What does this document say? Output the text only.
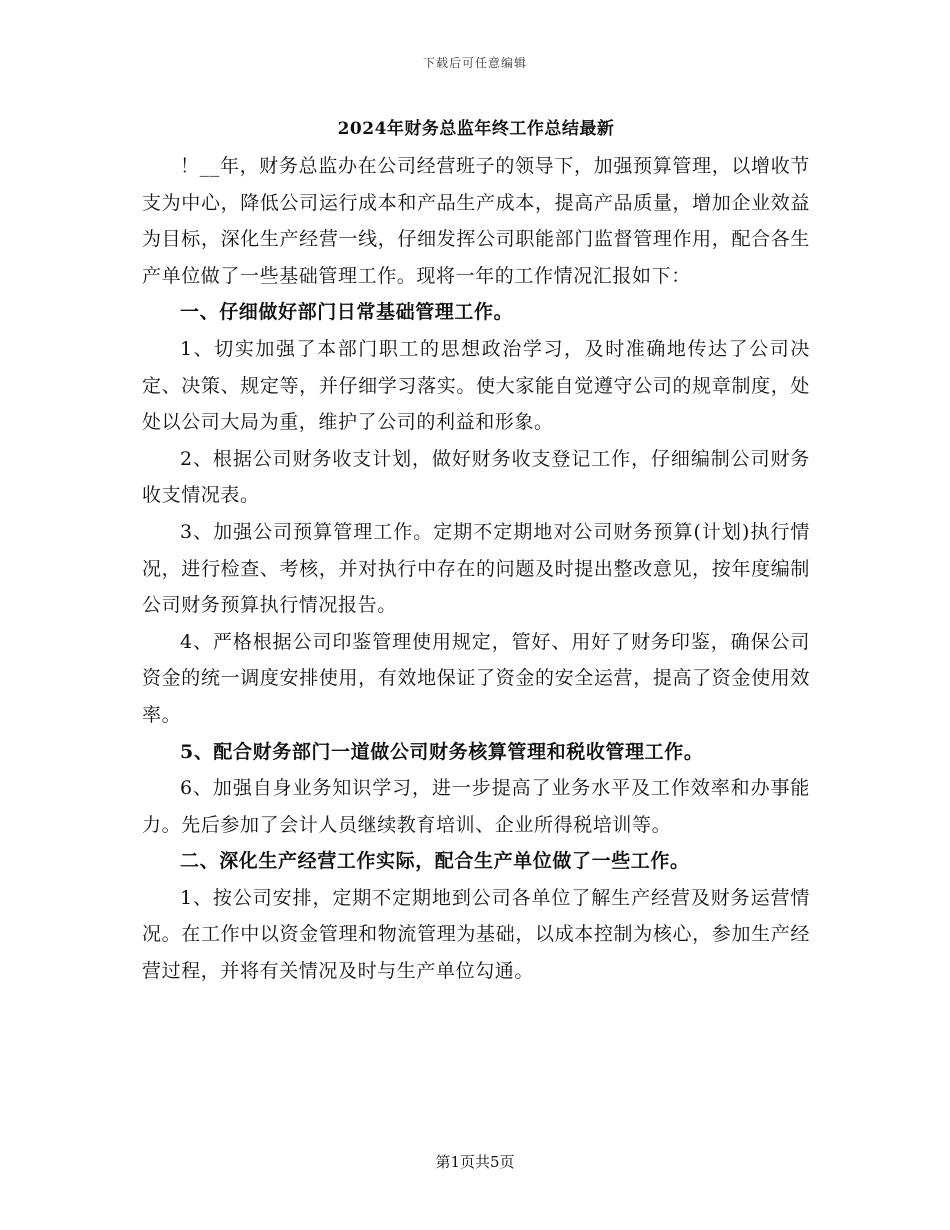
下载后可任意编辑
2024年财务总监年终工作总结最新

！__年，财务总监办在公司经营班子的领导下，加强预算管理，以增收节支为中心，降低公司运行成本和产品生产成本，提高产品质量，增加企业效益为目标，深化生产经营一线，仔细发挥公司职能部门监督管理作用，配合各生产单位做了一些基础管理工作。现将一年的工作情况汇报如下：

一、仔细做好部门日常基础管理工作。

1、切实加强了本部门职工的思想政治学习，及时准确地传达了公司决定、决策、规定等，并仔细学习落实。使大家能自觉遵守公司的规章制度，处处以公司大局为重，维护了公司的利益和形象。

2、根据公司财务收支计划，做好财务收支登记工作，仔细编制公司财务收支情况表。

3、加强公司预算管理工作。定期不定期地对公司财务预算(计划)执行情况，进行检查、考核，并对执行中存在的问题及时提出整改意见，按年度编制公司财务预算执行情况报告。

4、严格根据公司印鉴管理使用规定，管好、用好了财务印鉴，确保公司资金的统一调度安排使用，有效地保证了资金的安全运营，提高了资金使用效率。

5、配合财务部门一道做公司财务核算管理和税收管理工作。

6、加强自身业务知识学习，进一步提高了业务水平及工作效率和办事能力。先后参加了会计人员继续教育培训、企业所得税培训等。

二、深化生产经营工作实际，配合生产单位做了一些工作。

1、按公司安排，定期不定期地到公司各单位了解生产经营及财务运营情况。在工作中以资金管理和物流管理为基础，以成本控制为核心，参加生产经营过程，并将有关情况及时与生产单位勾通。

第1页共5页
